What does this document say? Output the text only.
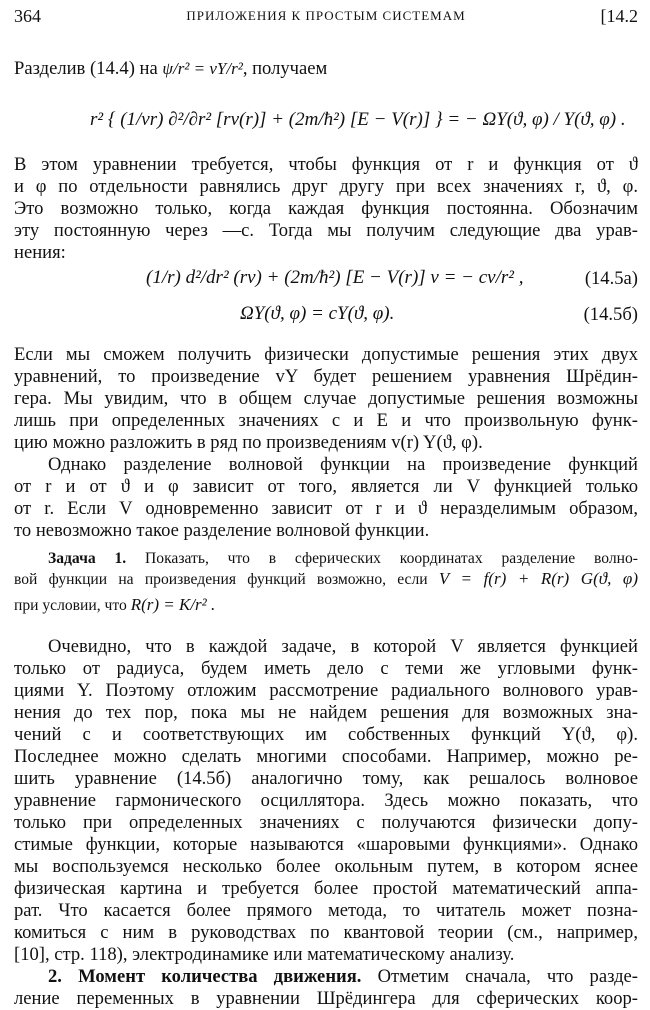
364	ПРИЛОЖЕНИЯ К ПРОСТЫМ СИСТЕМАМ	[14.2
Разделив (14.4) на ψ/r² = vY/r², получаем
r² { (1/vr) ∂²/∂r² [rv(r)] + (2m/ħ²) [E − V(r)] } = − ΩY(ϑ, φ) / Y(ϑ, φ) .
В этом уравнении требуется, чтобы функция от r и функция от ϑ
и φ по отдельности равнялись друг другу при всех значениях r, ϑ, φ.
Это возможно только, когда каждая функция постоянна. Обозначим
эту постоянную через —c. Тогда мы получим следующие два урав-
нения:
(1/r) d²/dr² (rv) + (2m/ħ²) [E − V(r)] v = − cv/r² ,	(14.5а)
ΩY(ϑ, φ) = cY(ϑ, φ).	(14.5б)
Если мы сможем получить физически допустимые решения этих двух
уравнений, то произведение vY будет решением уравнения Шрёдин-
гера. Мы увидим, что в общем случае допустимые решения возможны
лишь при определенных значениях c и E и что произвольную функ-
цию можно разложить в ряд по произведениям v(r) Y(ϑ, φ).
Однако разделение волновой функции на произведение функций
от r и от ϑ и φ зависит от того, является ли V функцией только
от r. Если V одновременно зависит от r и ϑ неразделимым образом,
то невозможно такое разделение волновой функции.
Задача 1. Показать, что в сферических координатах разделение волно-
вой функции на произведения функций возможно, если V = f(r) + R(r) G(ϑ, φ)
при условии, что R(r) = K/r² .
Очевидно, что в каждой задаче, в которой V является функцией
только от радиуса, будем иметь дело с теми же угловыми функ-
циями Y. Поэтому отложим рассмотрение радиального волнового урав-
нения до тех пор, пока мы не найдем решения для возможных зна-
чений c и соответствующих им собственных функций Y(ϑ, φ).
Последнее можно сделать многими способами. Например, можно ре-
шить уравнение (14.5б) аналогично тому, как решалось волновое
уравнение гармонического осциллятора. Здесь можно показать, что
только при определенных значениях c получаются физически допу-
стимые функции, которые называются «шаровыми функциями». Однако
мы воспользуемся несколько более окольным путем, в котором яснее
физическая картина и требуется более простой математический аппа-
рат. Что касается более прямого метода, то читатель может позна-
комиться с ним в руководствах по квантовой теории (см., например,
[10], стр. 118), электродинамике или математическому анализу.
2. Момент количества движения. Отметим сначала, что разде-
ление переменных в уравнении Шрёдингера для сферических коор-
